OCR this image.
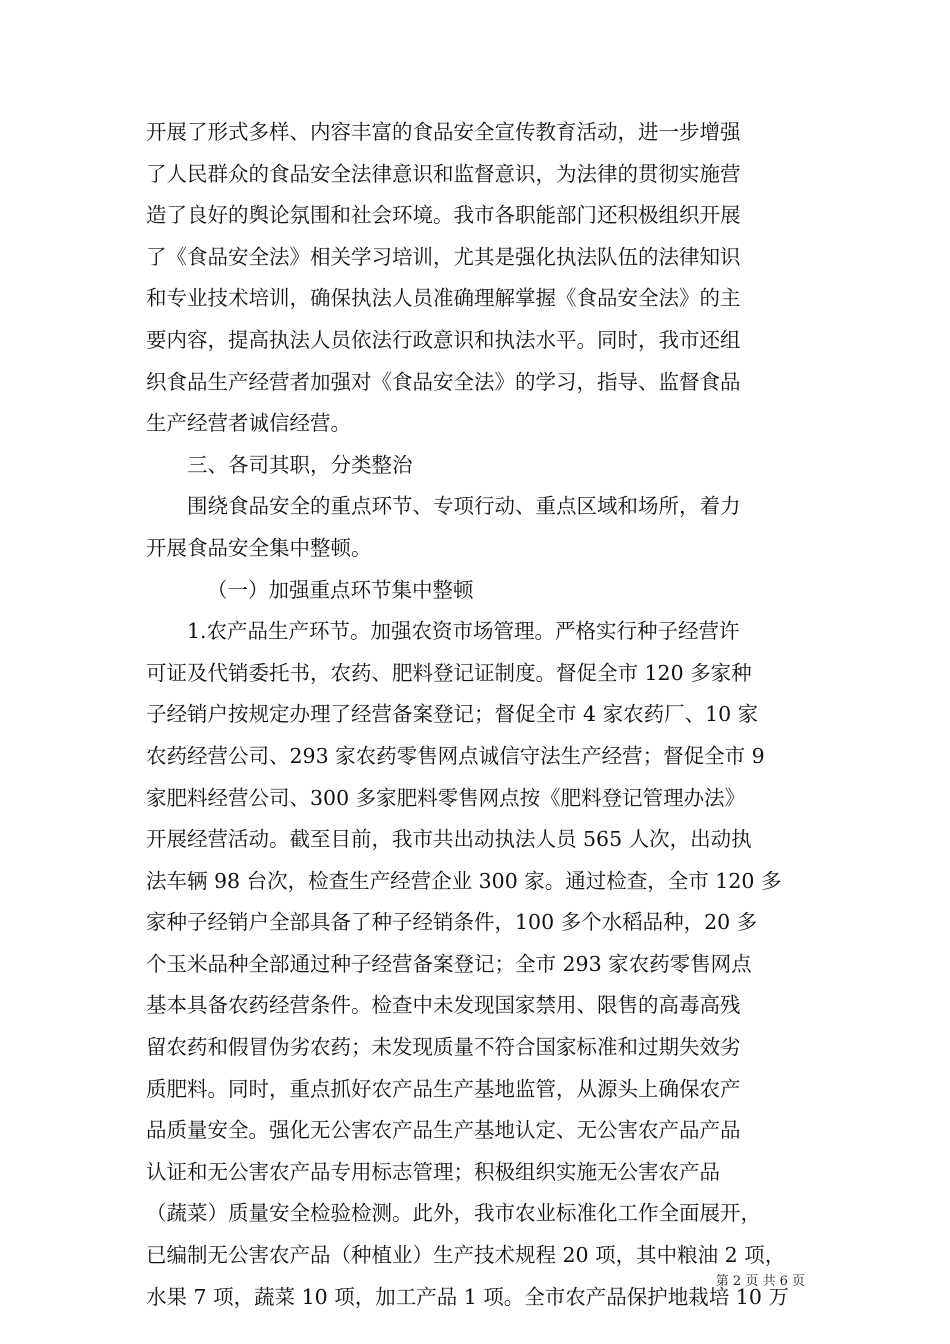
开展了形式多样、内容丰富的食品安全宣传教育活动，进一步增强
了人民群众的食品安全法律意识和监督意识，为法律的贯彻实施营
造了良好的舆论氛围和社会环境。我市各职能部门还积极组织开展
了《食品安全法》相关学习培训，尤其是强化执法队伍的法律知识
和专业技术培训，确保执法人员准确理解掌握《食品安全法》的主
要内容，提高执法人员依法行政意识和执法水平。同时，我市还组
织食品生产经营者加强对《食品安全法》的学习，指导、监督食品
生产经营者诚信经营。
三、各司其职，分类整治
围绕食品安全的重点环节、专项行动、重点区域和场所，着力
开展食品安全集中整顿。
（一）加强重点环节集中整顿
1.农产品生产环节。加强农资市场管理。严格实行种子经营许
可证及代销委托书，农药、肥料登记证制度。督促全市 120 多家种
子经销户按规定办理了经营备案登记；督促全市 4 家农药厂、10 家
农药经营公司、293 家农药零售网点诚信守法生产经营；督促全市 9
家肥料经营公司、300 多家肥料零售网点按《肥料登记管理办法》
开展经营活动。截至目前，我市共出动执法人员 565 人次，出动执
法车辆 98 台次，检查生产经营企业 300 家。通过检查，全市 120 多
家种子经销户全部具备了种子经销条件，100 多个水稻品种，20 多
个玉米品种全部通过种子经营备案登记；全市 293 家农药零售网点
基本具备农药经营条件。检查中未发现国家禁用、限售的高毒高残
留农药和假冒伪劣农药；未发现质量不符合国家标准和过期失效劣
质肥料。同时，重点抓好农产品生产基地监管，从源头上确保农产
品质量安全。强化无公害农产品生产基地认定、无公害农产品产品
认证和无公害农产品专用标志管理；积极组织实施无公害农产品
（蔬菜）质量安全检验检测。此外，我市农业标准化工作全面展开，
已编制无公害农产品（种植业）生产技术规程 20 项，其中粮油 2 项，
水果 7 项，蔬菜 10 项，加工产品 1 项。全市农产品保护地栽培 10 万
第 2 页 共 6 页
